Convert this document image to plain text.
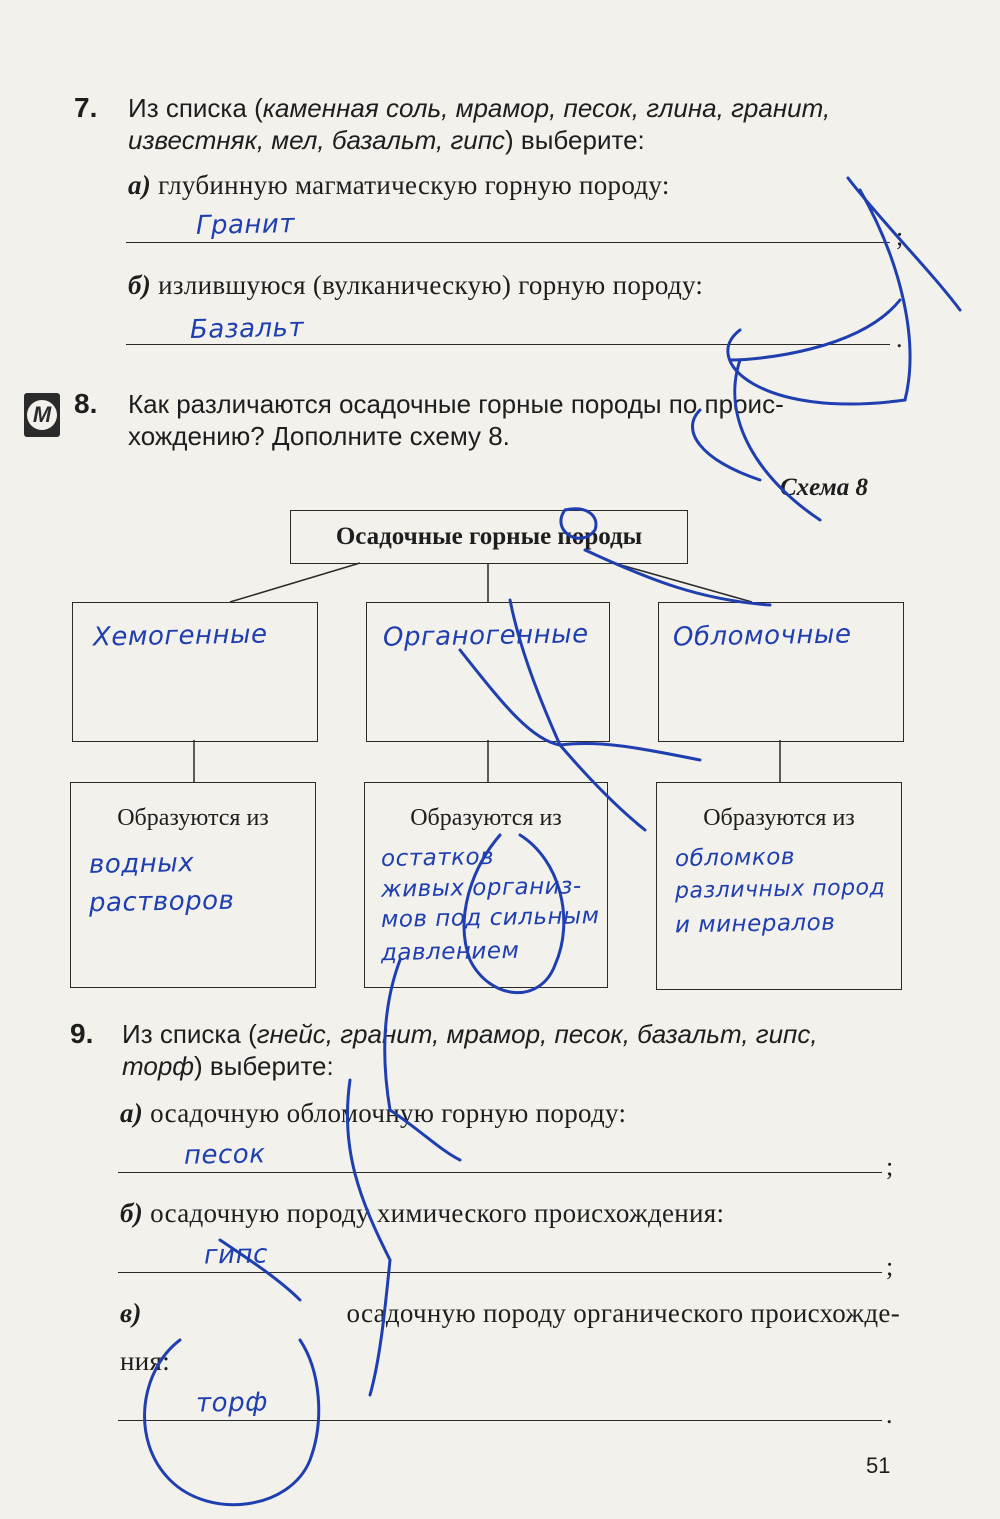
7. Из списка (каменная соль, мрамор, песок, глина, гранит,
известняк, мел, базальт, гипс) выберите:
а) глубинную магматическую горную породу:
Гранит	;
б) излившуюся (вулканическую) горную породу:
Базальт	.
М 8. Как различаются осадочные горные породы по проис-
хождению? Дополните схему 8.
Схема 8
Осадочные горные породы
Хемогенные	Органогенные	Обломочные
Образуются из
водных
растворов
Образуются из
остатков
живых организ-
мов под сильным
давлением
Образуются из
обломков
различных пород
и минералов
9. Из списка (гнейс, гранит, мрамор, песок, базальт, гипс,
торф) выберите:
а) осадочную обломочную горную породу:
песок	;
б) осадочную породу химического происхождения:
гипс	;
в)	осадочную породу органического происхожде-
ния:
торф	.
51
